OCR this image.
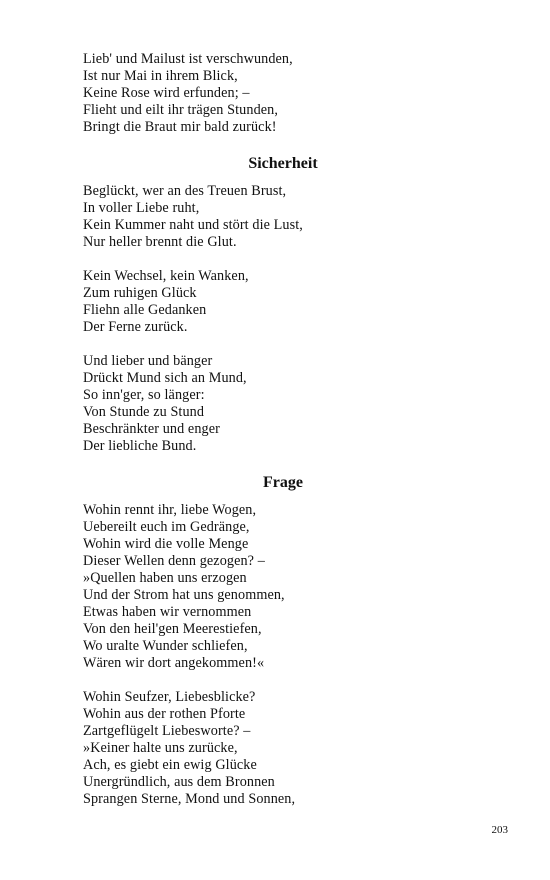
Lieb' und Mailust ist verschwunden,
Ist nur Mai in ihrem Blick,
Keine Rose wird erfunden; –
Flieht und eilt ihr trägen Stunden,
Bringt die Braut mir bald zurück!
Sicherheit
Beglückt, wer an des Treuen Brust,
In voller Liebe ruht,
Kein Kummer naht und stört die Lust,
Nur heller brennt die Glut.
Kein Wechsel, kein Wanken,
Zum ruhigen Glück
Fliehn alle Gedanken
Der Ferne zurück.
Und lieber und bänger
Drückt Mund sich an Mund,
So inn'ger, so länger:
Von Stunde zu Stund
Beschränkter und enger
Der liebliche Bund.
Frage
Wohin rennt ihr, liebe Wogen,
Uebereilt euch im Gedränge,
Wohin wird die volle Menge
Dieser Wellen denn gezogen? –
»Quellen haben uns erzogen
Und der Strom hat uns genommen,
Etwas haben wir vernommen
Von den heil'gen Meerestiefen,
Wo uralte Wunder schliefen,
Wären wir dort angekommen!«
Wohin Seufzer, Liebesblicke?
Wohin aus der rothen Pforte
Zartgeflügelt Liebesworte? –
»Keiner halte uns zurücke,
Ach, es giebt ein ewig Glücke
Unergründlich, aus dem Bronnen
Sprangen Sterne, Mond und Sonnen,
203
